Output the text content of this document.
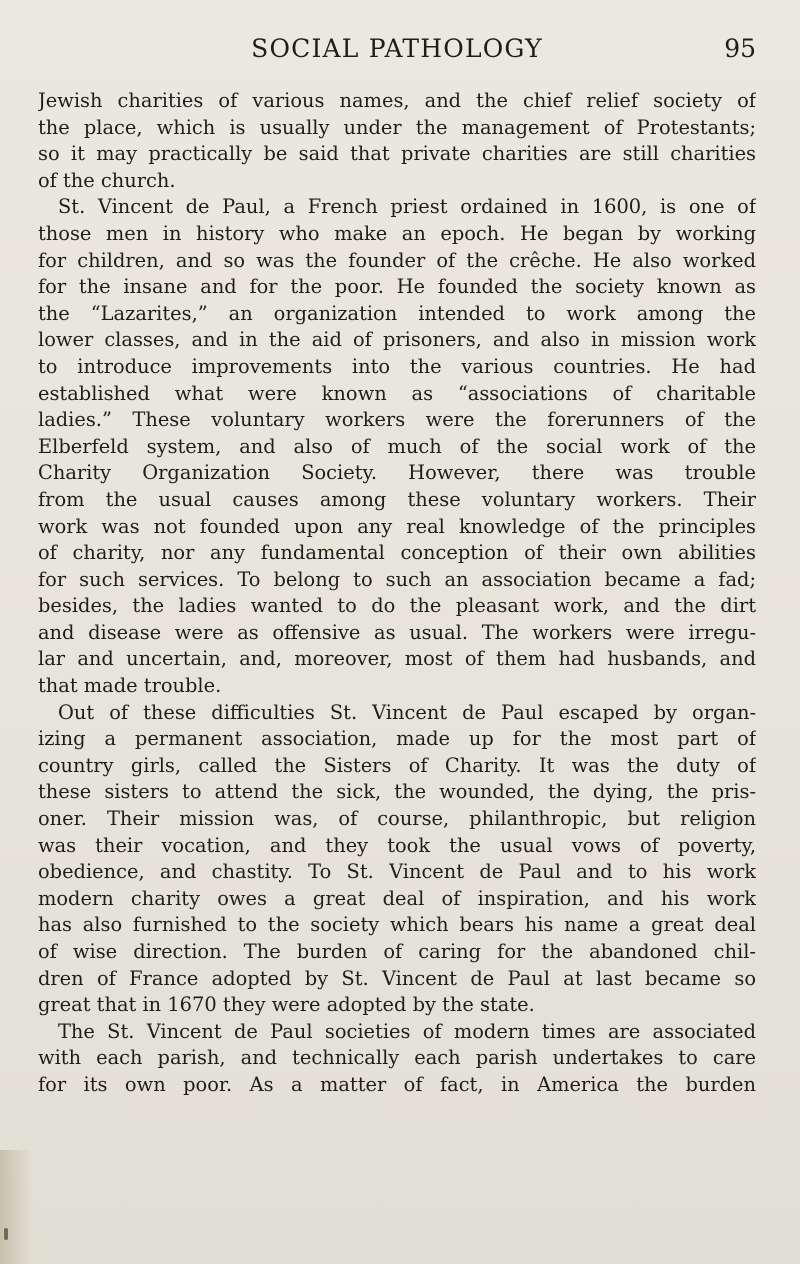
SOCIAL PATHOLOGY	95
Jewish charities of various names, and the chief relief society of
the place, which is usually under the management of Protestants;
so it may practically be said that private charities are still charities
of the church.
St. Vincent de Paul, a French priest ordained in 1600, is one of
those men in history who make an epoch. He began by working
for children, and so was the founder of the crêche. He also worked
for the insane and for the poor. He founded the society known as
the “Lazarites,” an organization intended to work among the
lower classes, and in the aid of prisoners, and also in mission work
to introduce improvements into the various countries. He had
established what were known as “associations of charitable
ladies.” These voluntary workers were the forerunners of the
Elberfeld system, and also of much of the social work of the
Charity Organization Society. However, there was trouble
from the usual causes among these voluntary workers. Their
work was not founded upon any real knowledge of the principles
of charity, nor any fundamental conception of their own abilities
for such services. To belong to such an association became a fad;
besides, the ladies wanted to do the pleasant work, and the dirt
and disease were as offensive as usual. The workers were irregu-
lar and uncertain, and, moreover, most of them had husbands, and
that made trouble.
Out of these difficulties St. Vincent de Paul escaped by organ-
izing a permanent association, made up for the most part of
country girls, called the Sisters of Charity. It was the duty of
these sisters to attend the sick, the wounded, the dying, the pris-
oner. Their mission was, of course, philanthropic, but religion
was their vocation, and they took the usual vows of poverty,
obedience, and chastity. To St. Vincent de Paul and to his work
modern charity owes a great deal of inspiration, and his work
has also furnished to the society which bears his name a great deal
of wise direction. The burden of caring for the abandoned chil-
dren of France adopted by St. Vincent de Paul at last became so
great that in 1670 they were adopted by the state.
The St. Vincent de Paul societies of modern times are associated
with each parish, and technically each parish undertakes to care
for its own poor. As a matter of fact, in America the burden
